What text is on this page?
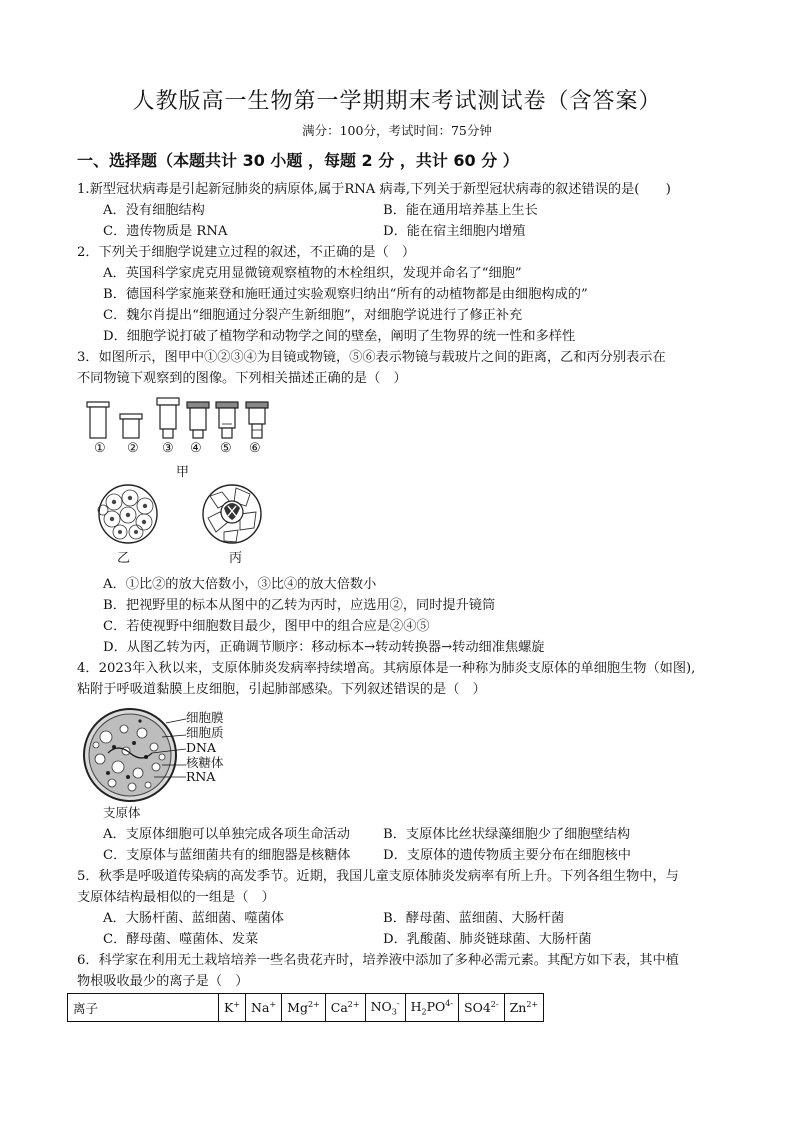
人教版高一生物第一学期期末考试测试卷（含答案）
满分：100分，考试时间：75分钟
一、选择题（本题共计 30 小题 ，每题 2 分 ，共计 60 分 ）
1.新型冠状病毒是引起新冠肺炎的病原体,属于RNA 病毒,下列关于新型冠状病毒的叙述错误的是(　　)
A．没有细胞结构	B．能在通用培养基上生长
C．遗传物质是 RNA	D．能在宿主细胞内增殖
2．下列关于细胞学说建立过程的叙述，不正确的是（　）
A．英国科学家虎克用显微镜观察植物的木栓组织，发现并命名了“细胞”
B．德国科学家施莱登和施旺通过实验观察归纳出“所有的动植物都是由细胞构成的”
C．魏尔肖提出“细胞通过分裂产生新细胞”，对细胞学说进行了修正补充
D．细胞学说打破了植物学和动物学之间的壁垒，阐明了生物界的统一性和多样性
3．如图所示，图甲中①②③④为目镜或物镜，⑤⑥表示物镜与载玻片之间的距离，乙和丙分别表示在
不同物镜下观察到的图像。下列相关描述正确的是（　）
① ② ③ ④ ⑤ ⑥
甲
乙	丙
A．①比②的放大倍数小，③比④的放大倍数小
B．把视野里的标本从图中的乙转为丙时，应选用②，同时提升镜筒
C．若使视野中细胞数目最少，图甲中的组合应是②④⑤
D．从图乙转为丙，正确调节顺序：移动标本→转动转换器→转动细准焦螺旋
4．2023年入秋以来，支原体肺炎发病率持续增高。其病原体是一种称为肺炎支原体的单细胞生物（如图),
粘附于呼吸道黏膜上皮细胞，引起肺部感染。下列叙述错误的是（　）
细胞膜
细胞质
DNA
核糖体
RNA
支原体
A．支原体细胞可以单独完成各项生命活动	B．支原体比丝状绿藻细胞少了细胞壁结构
C．支原体与蓝细菌共有的细胞器是核糖体 D．支原体的遗传物质主要分布在细胞核中
5．秋季是呼吸道传染病的高发季节。近期，我国儿童支原体肺炎发病率有所上升。下列各组生物中，与
支原体结构最相似的一组是（　）
A．大肠杆菌、蓝细菌、噬菌体	B．酵母菌、蓝细菌、大肠杆菌
C．酵母菌、噬菌体、发菜	D．乳酸菌、肺炎链球菌、大肠杆菌
6．科学家在利用无土栽培培养一些名贵花卉时，培养液中添加了多种必需元素。其配方如下表，其中植
物根吸收最少的离子是（　）
离子	K+	Na+	$Mg^{2+}$	$Ca^{2+}$	$NO_3^-$	$H_2PO^{4-}$	$SO4^{2-}$	$Zn^{2+}$
